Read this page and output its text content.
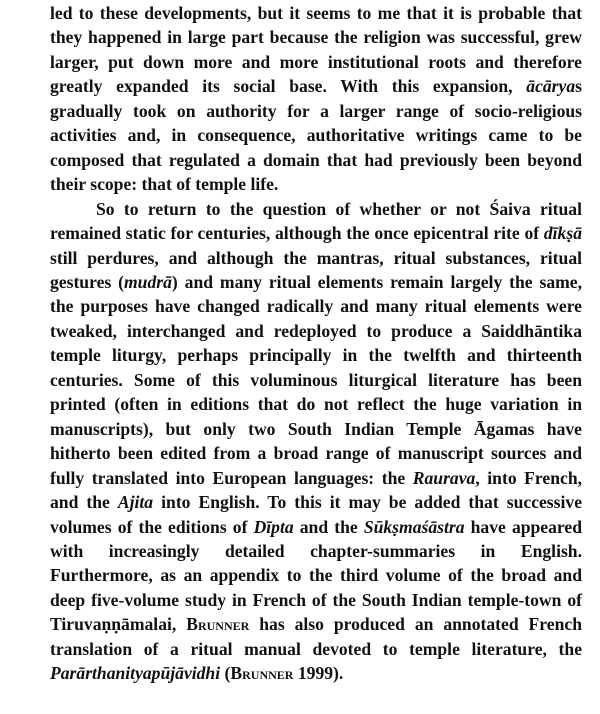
led to these developments, but it seems to me that it is probable that they happened in large part because the religion was successful, grew larger, put down more and more institutional roots and therefore greatly expanded its social base. With this expansion, ācāryas gradually took on authority for a larger range of socio-religious activities and, in consequence, authoritative writings came to be composed that regulated a domain that had previously been beyond their scope: that of temple life.

So to return to the question of whether or not Śaiva ritual remained static for centuries, although the once epicentral rite of dīkṣā still perdures, and although the mantras, ritual substances, ritual gestures (mudrā) and many ritual elements remain largely the same, the purposes have changed radically and many ritual elements were tweaked, interchanged and redeployed to produce a Saiddhāntika temple liturgy, perhaps principally in the twelfth and thirteenth centuries. Some of this voluminous liturgical literature has been printed (often in editions that do not reflect the huge variation in manuscripts), but only two South Indian Temple Āgamas have hitherto been edited from a broad range of manuscript sources and fully translated into European languages: the Raurava, into French, and the Ajita into English. To this it may be added that successive volumes of the editions of Dīpta and the Sūkṣmaśāstra have appeared with increasingly detailed chapter-summaries in English. Furthermore, as an appendix to the third volume of the broad and deep five-volume study in French of the South Indian temple-town of Tiruvaṇṇāmalai, Brunner has also produced an annotated French translation of a ritual manual devoted to temple literature, the Parārthanityapūjāvidhi (Brunner 1999).
